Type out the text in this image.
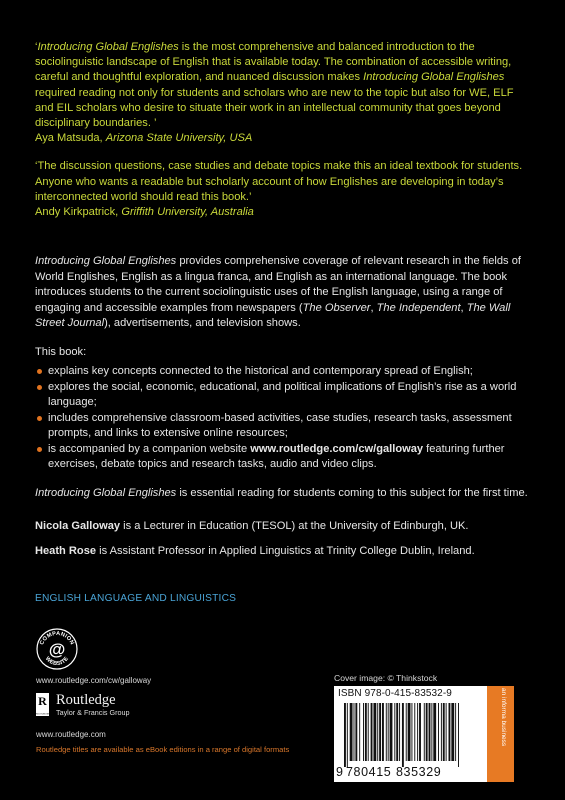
‘Introducing Global Englishes is the most comprehensive and balanced introduction to the sociolinguistic landscape of English that is available today. The combination of accessible writing, careful and thoughtful exploration, and nuanced discussion makes Introducing Global Englishes required reading not only for students and scholars who are new to the topic but also for WE, ELF and EIL scholars who desire to situate their work in an intellectual community that goes beyond disciplinary boundaries. ’
Aya Matsuda, Arizona State University, USA

‘The discussion questions, case studies and debate topics make this an ideal textbook for students. Anyone who wants a readable but scholarly account of how Englishes are developing in today’s interconnected world should read this book.’
Andy Kirkpatrick, Griffith University, Australia

Introducing Global Englishes provides comprehensive coverage of relevant research in the fields of World Englishes, English as a lingua franca, and English as an international language. The book introduces students to the current sociolinguistic uses of the English language, using a range of engaging and accessible examples from newspapers (The Observer, The Independent, The Wall Street Journal), advertisements, and television shows.

This book:

explains key concepts connected to the historical and contemporary spread of English;
explores the social, economic, educational, and political implications of English’s rise as a world language;
includes comprehensive classroom-based activities, case studies, research tasks, assessment prompts, and links to extensive online resources;
is accompanied by a companion website www.routledge.com/cw/galloway featuring further exercises, debate topics and research tasks, audio and video clips.

Introducing Global Englishes is essential reading for students coming to this subject for the first time.

Nicola Galloway is a Lecturer in Education (TESOL) at the University of Edinburgh, UK.

Heath Rose is Assistant Professor in Applied Linguistics at Trinity College Dublin, Ireland.

ENGLISH LANGUAGE AND LINGUISTICS
COMPANION
WEBSITE
@
www.routledge.com/cw/galloway
R
ROUTLEDGE
Routledge
Taylor & Francis Group
www.routledge.com
Routledge titles are available as eBook editions in a range of digital formats
Cover image: © Thinkstock
ISBN 978-0-415-83532-9
9 780415 835329
an informa business
